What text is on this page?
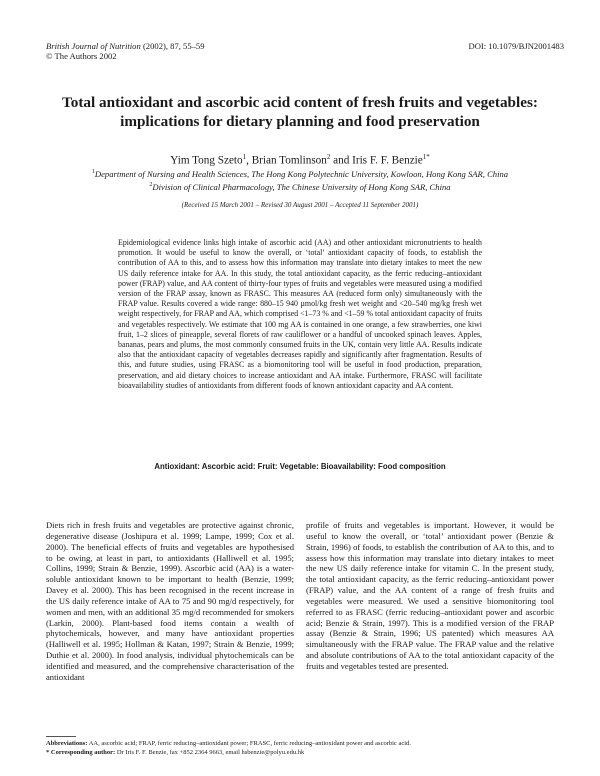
British Journal of Nutrition (2002), 87, 55–59
© The Authors 2002
DOI: 10.1079/BJN2001483
Total antioxidant and ascorbic acid content of fresh fruits and vegetables: implications for dietary planning and food preservation
Yim Tong Szeto$^1$, Brian Tomlinson$^2$ and Iris F. F. Benzie$^{1*}$
$^1$Department of Nursing and Health Sciences, The Hong Kong Polytechnic University, Kowloon, Hong Kong SAR, China
$^2$Division of Clinical Pharmacology, The Chinese University of Hong Kong SAR, China
(Received 15 March 2001 – Revised 30 August 2001 – Accepted 11 September 2001)
Epidemiological evidence links high intake of ascorbic acid (AA) and other antioxidant micronutrients to health promotion. It would be useful to know the overall, or ‘total’ antioxidant capacity of foods, to establish the contribution of AA to this, and to assess how this information may translate into dietary intakes to meet the new US daily reference intake for AA. In this study, the total antioxidant capacity, as the ferric reducing–antioxidant power (FRAP) value, and AA content of thirty-four types of fruits and vegetables were measured using a modified version of the FRAP assay, known as FRASC. This measures AA (reduced form only) simultaneously with the FRAP value. Results covered a wide range: 880–15 940 µmol/kg fresh wet weight and <20–540 mg/kg fresh wet weight respectively, for FRAP and AA, which comprised <1–73 % and <1–59 % total antioxidant capacity of fruits and vegetables respectively. We estimate that 100 mg AA is contained in one orange, a few strawberries, one kiwi fruit, 1–2 slices of pineapple, several florets of raw cauliflower or a handful of uncooked spinach leaves. Apples, bananas, pears and plums, the most commonly consumed fruits in the UK, contain very little AA. Results indicate also that the antioxidant capacity of vegetables decreases rapidly and significantly after fragmentation. Results of this, and future studies, using FRASC as a biomonitoring tool will be useful in food production, preparation, preservation, and aid dietary choices to increase antioxidant and AA intake. Furthermore, FRASC will facilitate bioavailability studies of antioxidants from different foods of known antioxidant capacity and AA content.
Antioxidant: Ascorbic acid: Fruit: Vegetable: Bioavailability: Food composition

Diets rich in fresh fruits and vegetables are protective against chronic, degenerative disease (Joshipura et al. 1999; Lampe, 1999; Cox et al. 2000). The beneficial effects of fruits and vegetables are hypothesised to be owing, at least in part, to antioxidants (Halliwell et al. 1995; Collins, 1999; Strain & Benzie, 1999). Ascorbic acid (AA) is a water-soluble antioxidant known to be important to health (Benzie, 1999; Davey et al. 2000). This has been recognised in the recent increase in the US daily reference intake of AA to 75 and 90 mg/d respectively, for women and men, with an additional 35 mg/d recommended for smokers (Larkin, 2000). Plant-based food items contain a wealth of phytochemicals, however, and many have antioxidant properties (Halliwell et al. 1995; Hollman & Katan, 1997; Strain & Benzie, 1999; Duthie et al. 2000). In food analysis, individual phytochemicals can be identified and measured, and the comprehensive characterisation of the antioxidant

profile of fruits and vegetables is important. However, it would be useful to know the overall, or ‘total’ antioxidant power (Benzie & Strain, 1996) of foods, to establish the contribution of AA to this, and to assess how this information may translate into dietary intakes to meet the new US daily reference intake for vitamin C. In the present study, the total antioxidant capacity, as the ferric reducing–antioxidant power (FRAP) value, and the AA content of a range of fresh fruits and vegetables were measured. We used a sensitive biomonitoring tool referred to as FRASC (ferric reducing–antioxidant power and ascorbic acid; Benzie & Strain, 1997). This is a modified version of the FRAP assay (Benzie & Strain, 1996; US patented) which measures AA simultaneously with the FRAP value. The FRAP value and the relative and absolute contributions of AA to the total antioxidant capacity of the fruits and vegetables tested are presented.

Abbreviations: AA, ascorbic acid; FRAP, ferric reducing–antioxidant power; FRASC, ferric reducing–antioxidant power and ascorbic acid.
* Corresponding author: Dr Iris F. F. Benzie, fax +852 2364 9663, email hsbenzie@polyu.edu.hk
